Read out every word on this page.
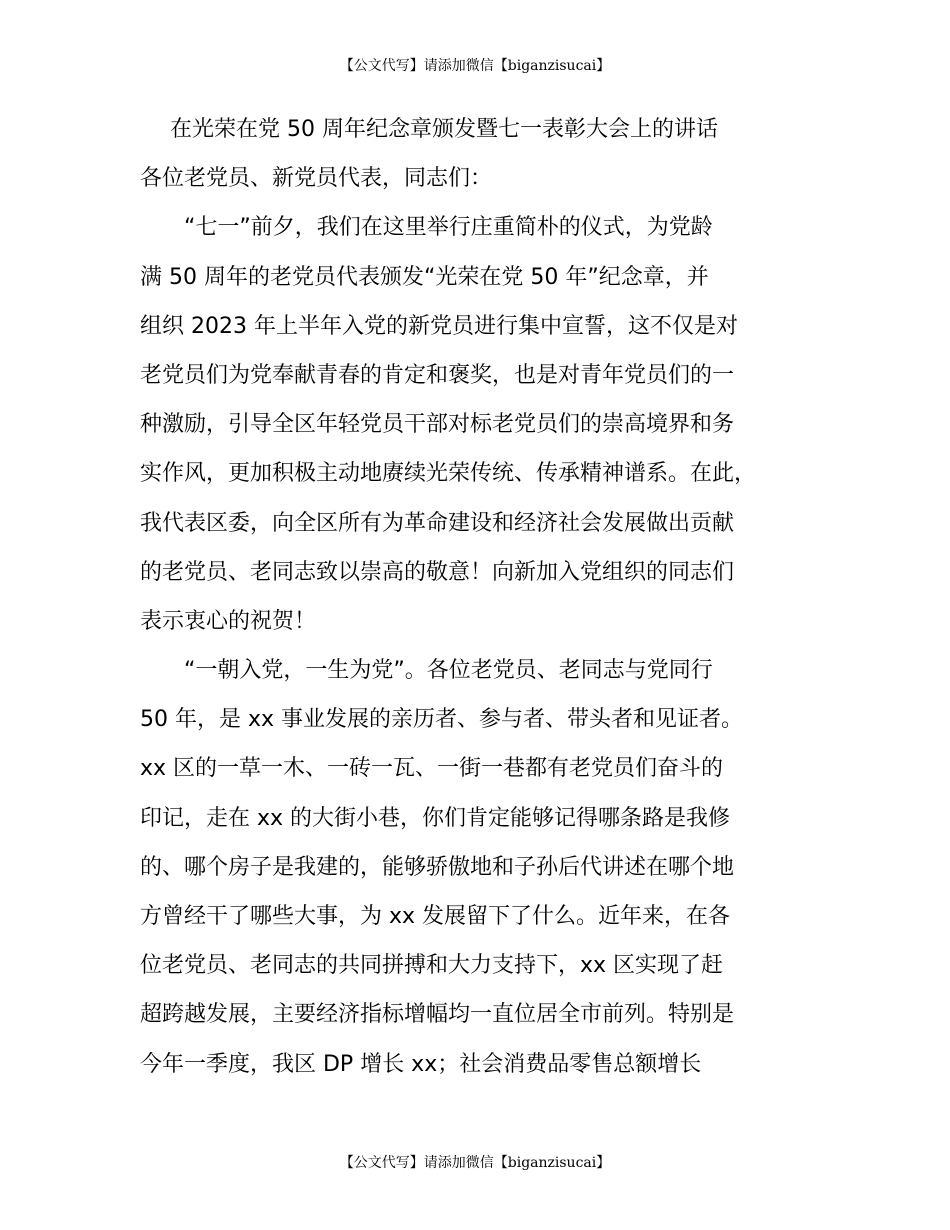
【公文代写】请添加微信【biganzisucai】
在光荣在党 50 周年纪念章颁发暨七一表彰大会上的讲话

各位老党员、新党员代表，同志们：

“七一”前夕，我们在这里举行庄重简朴的仪式，为党龄
满 50 周年的老党员代表颁发“光荣在党 50 年”纪念章，并
组织 2023 年上半年入党的新党员进行集中宣誓，这不仅是对
老党员们为党奉献青春的肯定和褒奖，也是对青年党员们的一
种激励，引导全区年轻党员干部对标老党员们的崇高境界和务
实作风，更加积极主动地赓续光荣传统、传承精神谱系。在此，
我代表区委，向全区所有为革命建设和经济社会发展做出贡献
的老党员、老同志致以崇高的敬意！向新加入党组织的同志们
表示衷心的祝贺！

“一朝入党，一生为党”。各位老党员、老同志与党同行
50 年，是 xx 事业发展的亲历者、参与者、带头者和见证者。
xx 区的一草一木、一砖一瓦、一街一巷都有老党员们奋斗的
印记，走在 xx 的大街小巷，你们肯定能够记得哪条路是我修
的、哪个房子是我建的，能够骄傲地和子孙后代讲述在哪个地
方曾经干了哪些大事，为 xx 发展留下了什么。近年来，在各
位老党员、老同志的共同拼搏和大力支持下，xx 区实现了赶
超跨越发展，主要经济指标增幅均一直位居全市前列。特别是
今年一季度，我区 DP 增长 xx；社会消费品零售总额增长

【公文代写】请添加微信【biganzisucai】
